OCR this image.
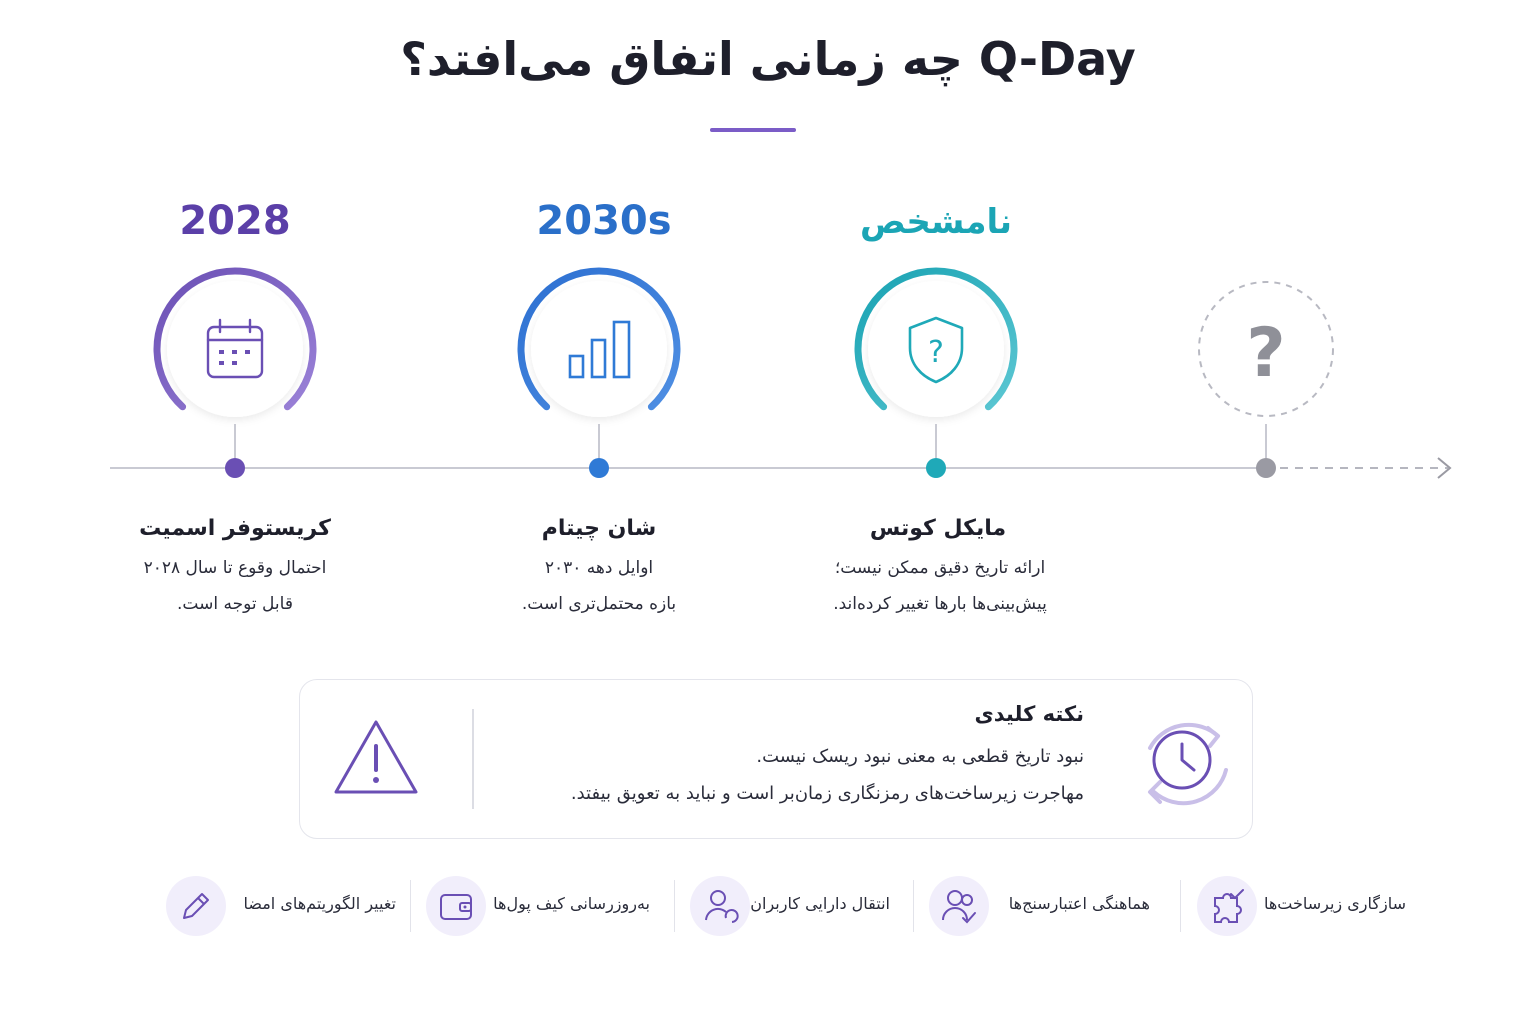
Q-Day چه زمانی اتفاق می‌افتد؟
?	?
2028	2030s	نامشخص
کریستوفر اسمیت
احتمال وقوع تا سال ۲۰۲۸
قابل توجه است.
شان چیتام
اوایل دهه ۲۰۳۰
بازه محتمل‌تری است.
مایکل کوتس
ارائه تاریخ دقیق ممکن نیست؛
پیش‌بینی‌ها بارها تغییر کرده‌اند.
نکته کلیدی
نبود تاریخ قطعی به معنی نبود ریسک نیست.
مهاجرت زیرساخت‌های رمزنگاری زمان‌بر است و نباید به تعویق بیفتد.
سازگاری زیرساخت‌ها
هماهنگی اعتبارسنج‌ها
انتقال دارایی کاربران
به‌روزرسانی کیف پول‌ها
تغییر الگوریتم‌های امضا
